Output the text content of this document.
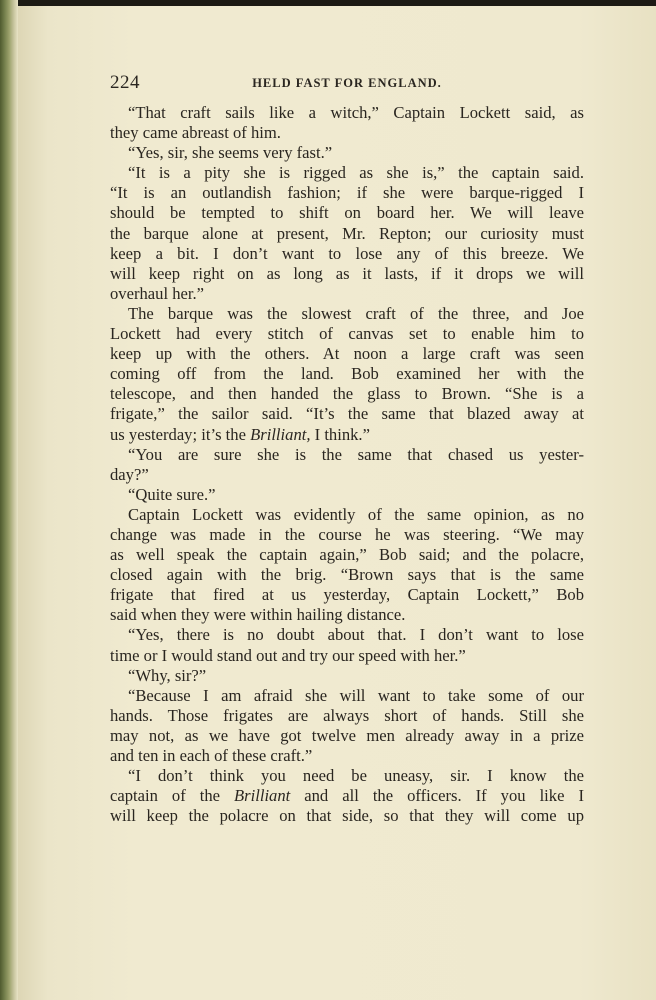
224	HELD FAST FOR ENGLAND.
“That craft sails like a witch,” Captain Lockett said, as
they came abreast of him.
“Yes, sir, she seems very fast.”
“It is a pity she is rigged as she is,” the captain said.
“It is an outlandish fashion; if she were barque-rigged I
should be tempted to shift on board her. We will leave
the barque alone at present, Mr. Repton; our curiosity must
keep a bit. I don’t want to lose any of this breeze. We
will keep right on as long as it lasts, if it drops we will
overhaul her.”
The barque was the slowest craft of the three, and Joe
Lockett had every stitch of canvas set to enable him to
keep up with the others. At noon a large craft was seen
coming off from the land. Bob examined her with the
telescope, and then handed the glass to Brown. “She is a
frigate,” the sailor said. “It’s the same that blazed away at
us yesterday; it’s the Brilliant, I think.”
“You are sure she is the same that chased us yester-
day?”
“Quite sure.”
Captain Lockett was evidently of the same opinion, as no
change was made in the course he was steering. “We may
as well speak the captain again,” Bob said; and the polacre,
closed again with the brig. “Brown says that is the same
frigate that fired at us yesterday, Captain Lockett,” Bob
said when they were within hailing distance.
“Yes, there is no doubt about that. I don’t want to lose
time or I would stand out and try our speed with her.”
“Why, sir?”
“Because I am afraid she will want to take some of our
hands. Those frigates are always short of hands. Still she
may not, as we have got twelve men already away in a prize
and ten in each of these craft.”
“I don’t think you need be uneasy, sir. I know the
captain of the Brilliant and all the officers. If you like I
will keep the polacre on that side, so that they will come up
